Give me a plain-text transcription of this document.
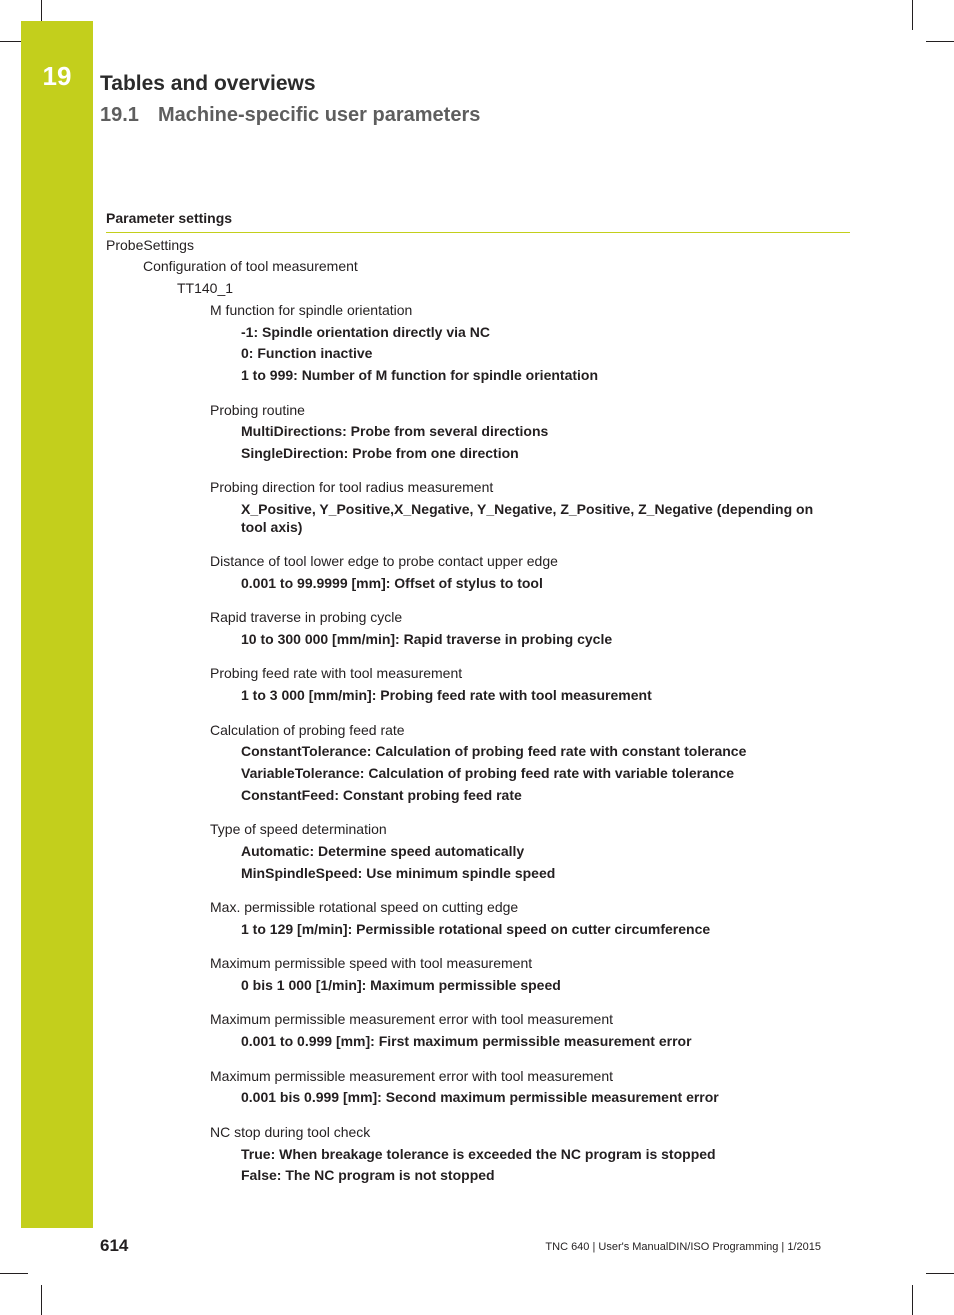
19	Tables and overviews
19.1 Machine-specific user parameters
Parameter settings
ProbeSettings
Configuration of tool measurement
TT140_1
M function for spindle orientation
-1: Spindle orientation directly via NC
0: Function inactive
1 to 999: Number of M function for spindle orientation
Probing routine
MultiDirections: Probe from several directions
SingleDirection: Probe from one direction
Probing direction for tool radius measurement
X_Positive, Y_Positive,X_Negative, Y_Negative, Z_Positive, Z_Negative (depending on tool axis)
Distance of tool lower edge to probe contact upper edge
0.001 to 99.9999 [mm]: Offset of stylus to tool
Rapid traverse in probing cycle
10 to 300 000 [mm/min]: Rapid traverse in probing cycle
Probing feed rate with tool measurement
1 to 3 000 [mm/min]: Probing feed rate with tool measurement
Calculation of probing feed rate
ConstantTolerance: Calculation of probing feed rate with constant tolerance
VariableTolerance: Calculation of probing feed rate with variable tolerance
ConstantFeed: Constant probing feed rate
Type of speed determination
Automatic: Determine speed automatically
MinSpindleSpeed: Use minimum spindle speed
Max. permissible rotational speed on cutting edge
1 to 129 [m/min]: Permissible rotational speed on cutter circumference
Maximum permissible speed with tool measurement
0 bis 1 000 [1/min]: Maximum permissible speed
Maximum permissible measurement error with tool measurement
0.001 to 0.999 [mm]: First maximum permissible measurement error
Maximum permissible measurement error with tool measurement
0.001 bis 0.999 [mm]: Second maximum permissible measurement error
NC stop during tool check
True: When breakage tolerance is exceeded the NC program is stopped
False: The NC program is not stopped
614	TNC 640 | User's ManualDIN/ISO Programming | 1/2015
